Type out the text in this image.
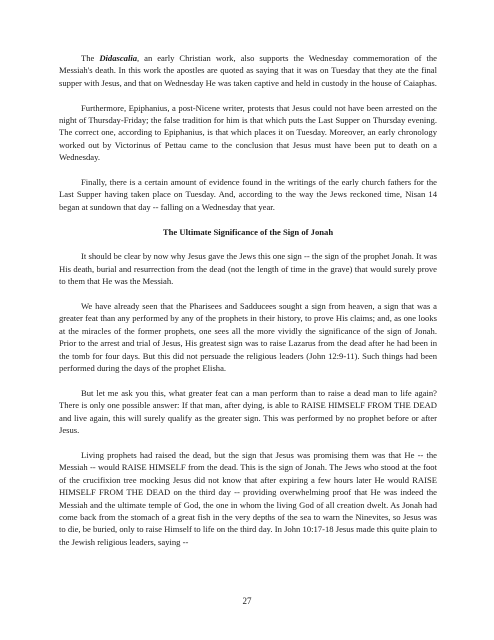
The Didascalia, an early Christian work, also supports the Wednesday commemoration of the Messiah's death. In this work the apostles are quoted as saying that it was on Tuesday that they ate the final supper with Jesus, and that on Wednesday He was taken captive and held in custody in the house of Caiaphas.

Furthermore, Epiphanius, a post-Nicene writer, protests that Jesus could not have been arrested on the night of Thursday-Friday; the false tradition for him is that which puts the Last Supper on Thursday evening. The correct one, according to Epiphanius, is that which places it on Tuesday. Moreover, an early chronology worked out by Victorinus of Pettau came to the conclusion that Jesus must have been put to death on a Wednesday.

Finally, there is a certain amount of evidence found in the writings of the early church fathers for the Last Supper having taken place on Tuesday. And, according to the way the Jews reckoned time, Nisan 14 began at sundown that day -- falling on a Wednesday that year.

The Ultimate Significance of the Sign of Jonah

It should be clear by now why Jesus gave the Jews this one sign -- the sign of the prophet Jonah. It was His death, burial and resurrection from the dead (not the length of time in the grave) that would surely prove to them that He was the Messiah.

We have already seen that the Pharisees and Sadducees sought a sign from heaven, a sign that was a greater feat than any performed by any of the prophets in their history, to prove His claims; and, as one looks at the miracles of the former prophets, one sees all the more vividly the significance of the sign of Jonah. Prior to the arrest and trial of Jesus, His greatest sign was to raise Lazarus from the dead after he had been in the tomb for four days. But this did not persuade the religious leaders (John 12:9-11). Such things had been performed during the days of the prophet Elisha.

But let me ask you this, what greater feat can a man perform than to raise a dead man to life again? There is only one possible answer: If that man, after dying, is able to RAISE HIMSELF FROM THE DEAD and live again, this will surely qualify as the greater sign. This was performed by no prophet before or after Jesus.

Living prophets had raised the dead, but the sign that Jesus was promising them was that He -- the Messiah -- would RAISE HIMSELF from the dead. This is the sign of Jonah. The Jews who stood at the foot of the crucifixion tree mocking Jesus did not know that after expiring a few hours later He would RAISE HIMSELF FROM THE DEAD on the third day -- providing overwhelming proof that He was indeed the Messiah and the ultimate temple of God, the one in whom the living God of all creation dwelt. As Jonah had come back from the stomach of a great fish in the very depths of the sea to warn the Ninevites, so Jesus was to die, be buried, only to raise Himself to life on the third day. In John 10:17-18 Jesus made this quite plain to the Jewish religious leaders, saying --

27
